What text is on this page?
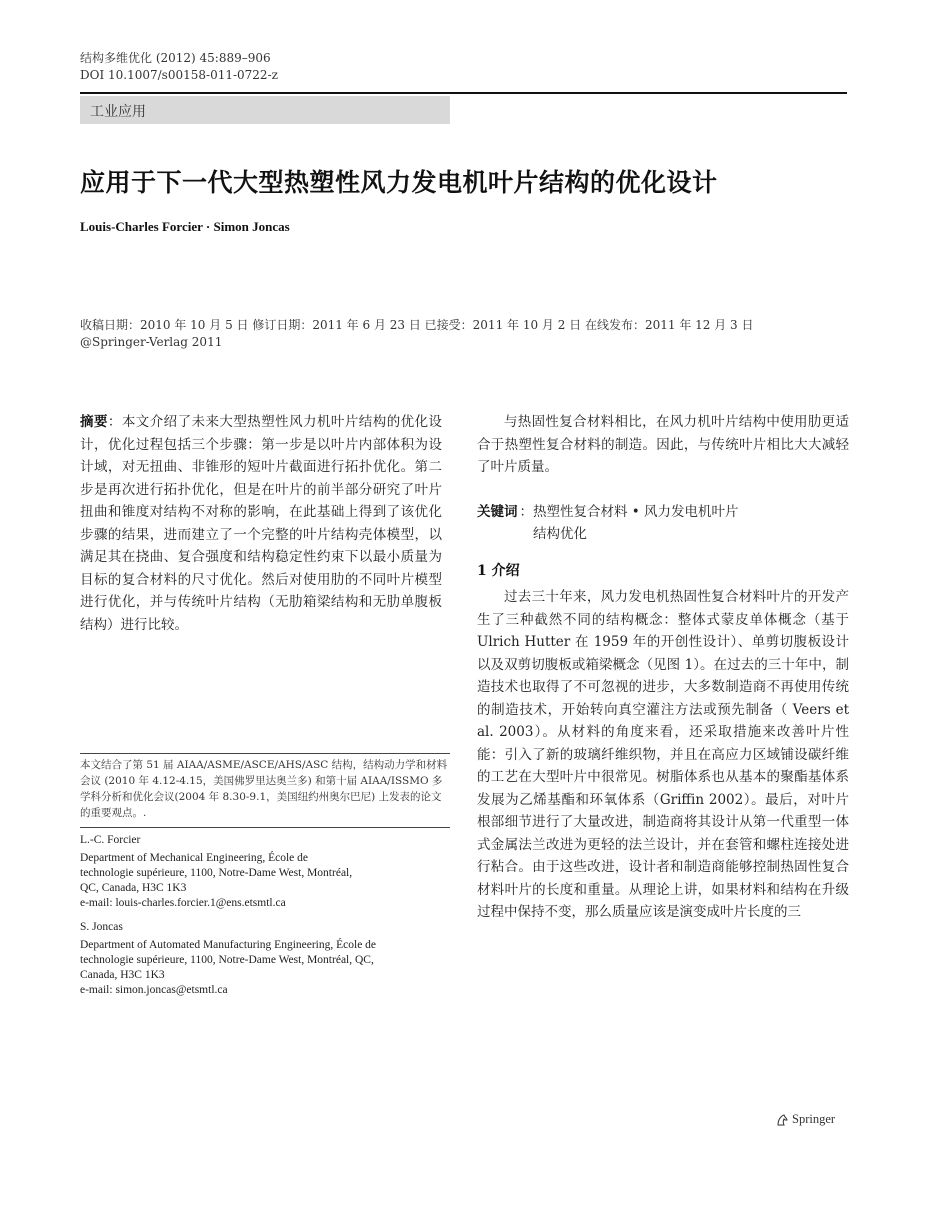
结构多维优化 (2012) 45:889–906
DOI 10.1007/s00158-011-0722-z
工业应用
应用于下一代大型热塑性风力发电机叶片结构的优化设计
Louis-Charles Forcier · Simon Joncas
收稿日期：2010 年 10 月 5 日 修订日期：2011 年 6 月 23 日 已接受：2011 年 10 月 2 日 在线发布：2011 年 12 月 3 日
@Springer-Verlag 2011
摘要：本文介绍了未来大型热塑性风力机叶片结构的优化设计，优化过程包括三个步骤：第一步是以叶片内部体积为设计域，对无扭曲、非锥形的短叶片截面进行拓扑优化。第二步是再次进行拓扑优化，但是在叶片的前半部分研究了叶片扭曲和锥度对结构不对称的影响，在此基础上得到了该优化步骤的结果，进而建立了一个完整的叶片结构壳体模型，以满足其在挠曲、复合强度和结构稳定性约束下以最小质量为目标的复合材料的尺寸优化。然后对使用肋的不同叶片模型进行优化，并与传统叶片结构（无肋箱梁结构和无肋单腹板结构）进行比较。
本文结合了第 51 届 AIAA/ASME/ASCE/AHS/ASC 结构，结构动力学和材料会议 (2010 年 4.12-4.15，美国佛罗里达奥兰多) 和第十届 AIAA/ISSMO 多学科分析和优化会议(2004 年 8.30-9.1，美国纽约州奥尔巴尼) 上发表的论文的重要观点。.
L.-C. Forcier
Department of Mechanical Engineering, École de
technologie supérieure, 1100, Notre-Dame West, Montréal,
QC, Canada, H3C 1K3
e-mail: louis-charles.forcier.1@ens.etsmtl.ca
S. Joncas
Department of Automated Manufacturing Engineering, École de
technologie supérieure, 1100, Notre-Dame West, Montréal, QC,
Canada, H3C 1K3
e-mail: simon.joncas@etsmtl.ca
与热固性复合材料相比，在风力机叶片结构中使用肋更适合于热塑性复合材料的制造。因此，与传统叶片相比大大减轻了叶片质量。
关键词 ：热塑性复合材料 • 风力发电机叶片
结构优化
1 介绍
过去三十年来，风力发电机热固性复合材料叶片的开发产生了三种截然不同的结构概念：整体式蒙皮单体概念（基于 Ulrich Hutter 在 1959 年的开创性设计）、单剪切腹板设计以及双剪切腹板或箱梁概念（见图 1）。在过去的三十年中，制造技术也取得了不可忽视的进步，大多数制造商不再使用传统的制造技术，开始转向真空灌注方法或预先制备（ Veers et al. 2003）。从材料的角度来看，还采取措施来改善叶片性能：引入了新的玻璃纤维织物，并且在高应力区域铺设碳纤维的工艺在大型叶片中很常见。树脂体系也从基本的聚酯基体系发展为乙烯基酯和环氧体系（Griffin 2002）。最后，对叶片根部细节进行了大量改进，制造商将其设计从第一代重型一体式金属法兰改进为更轻的法兰设计，并在套管和螺柱连接处进行粘合。由于这些改进，设计者和制造商能够控制热固性复合材料叶片的长度和重量。从理论上讲，如果材料和结构在升级过程中保持不变，那么质量应该是演变成叶片长度的三
Springer
